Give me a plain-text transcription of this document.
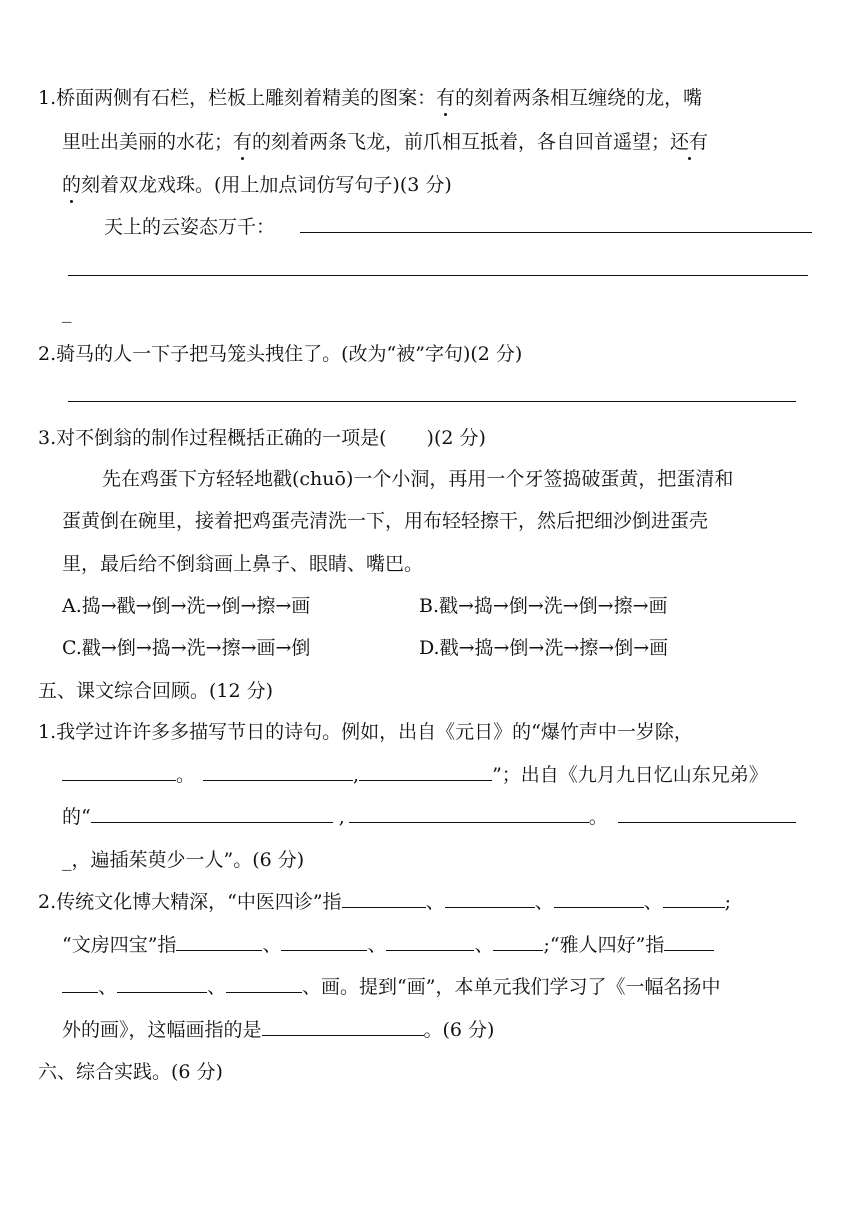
1.桥面两侧有石栏，栏板上雕刻着精美的图案：有的刻着两条相互缠绕的龙，嘴
里吐出美丽的水花；有的刻着两条飞龙，前爪相互抵着，各自回首遥望；还有
的刻着双龙戏珠。(用上加点词仿写句子)(3 分)
天上的云姿态万千：
_
2.骑马的人一下子把马笼头拽住了。(改为“被”字句)(2 分)
3.对不倒翁的制作过程概括正确的一项是( )(2 分)
先在鸡蛋下方轻轻地戳(chuō)一个小洞，再用一个牙签捣破蛋黄，把蛋清和
蛋黄倒在碗里，接着把鸡蛋壳清洗一下，用布轻轻擦干，然后把细沙倒进蛋壳
里，最后给不倒翁画上鼻子、眼睛、嘴巴。
A.捣→戳→倒→洗→倒→擦→画	B.戳→捣→倒→洗→倒→擦→画
C.戳→倒→捣→洗→擦→画→倒	D.戳→捣→倒→洗→擦→倒→画
五、课文综合回顾。(12 分)
1.我学过许许多多描写节日的诗句。例如，出自《元日》的“爆竹声中一岁除，
。	,	”；出自《九月九日忆山东兄弟》
的“	,	。
_，遍插茱萸少一人”。(6 分)
2.传统文化博大精深，“中医四诊”指	、	、	、	;
“文房四宝”指	、	、	、	;“雅人四好”指
、	、	、画。提到“画”，本单元我们学习了《一幅名扬中
外的画》，这幅画指的是	。(6 分)
六、综合实践。(6 分)
